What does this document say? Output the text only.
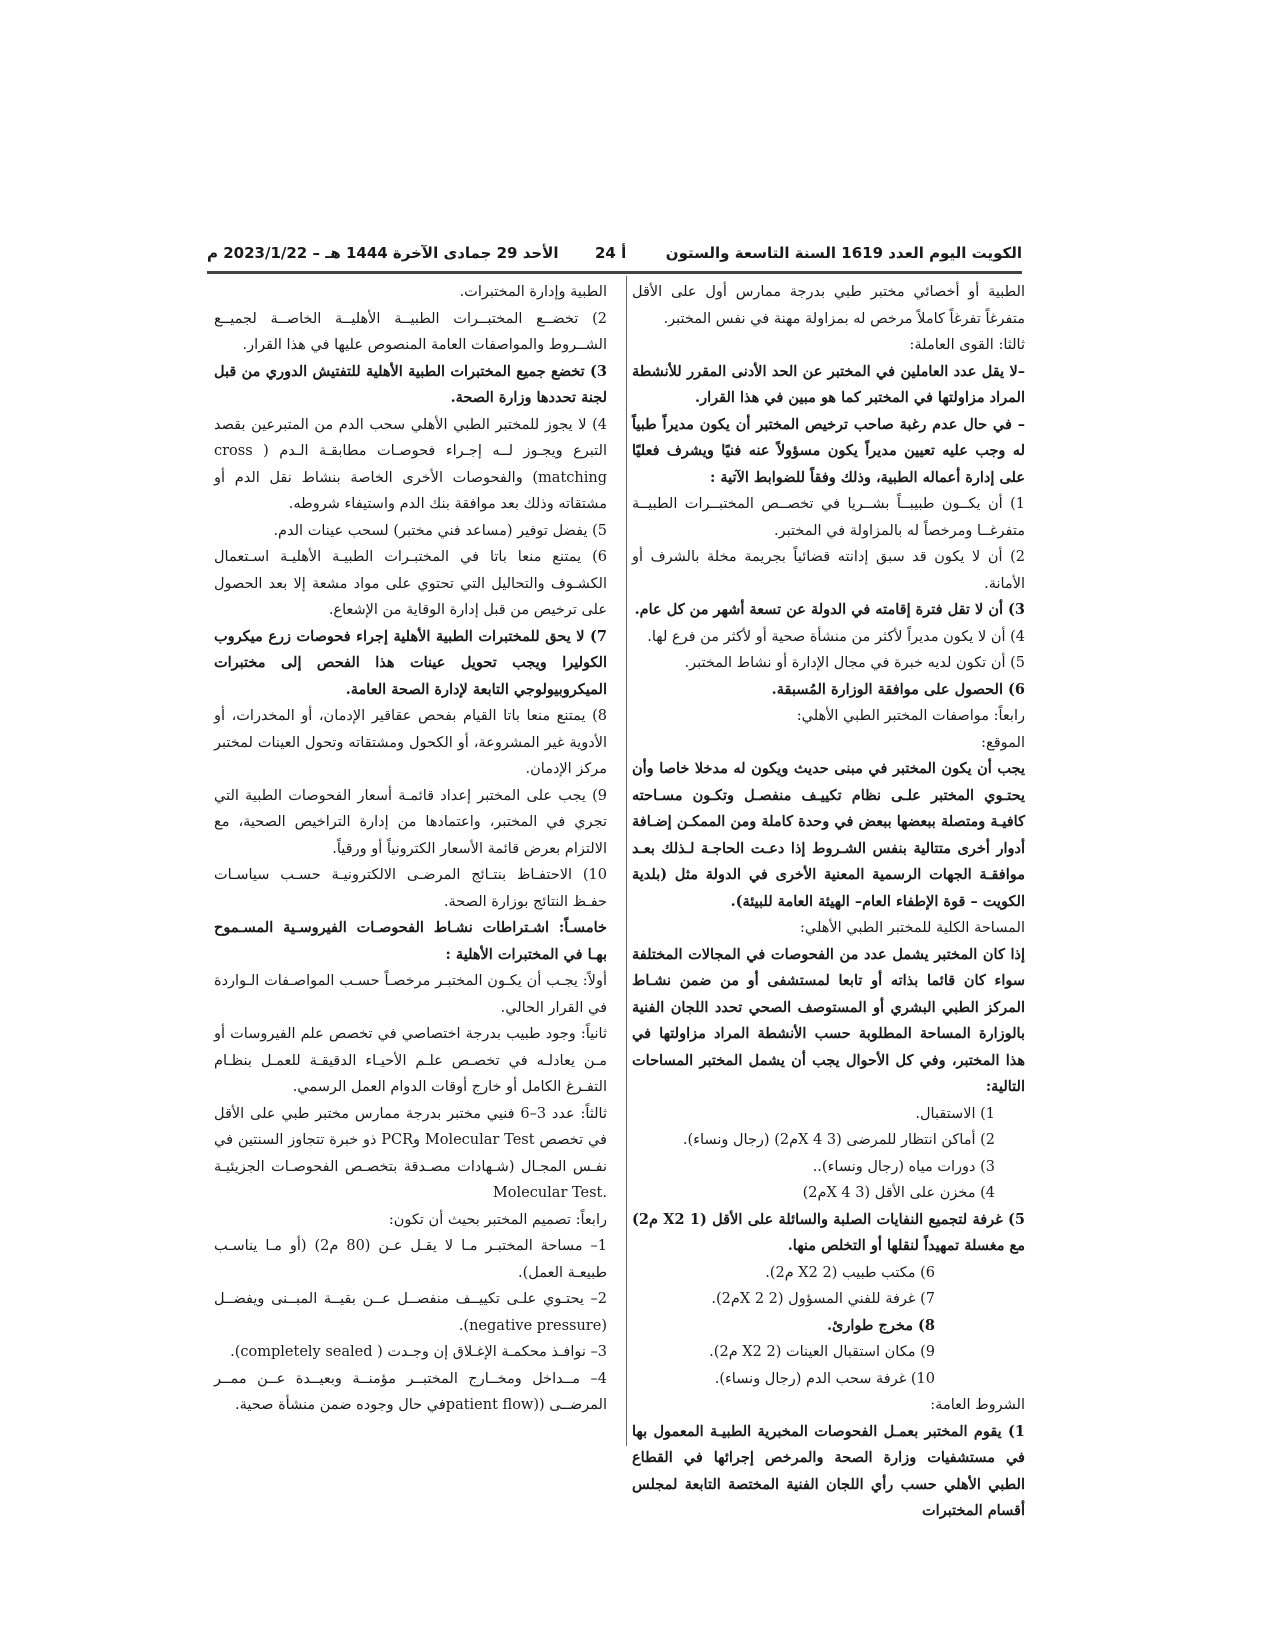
الكويت اليوم العدد 1619 السنة التاسعة والستون
أ 24
الأحد 29 جمادى الآخرة 1444 هـ – 2023/1/22 م

الطبية أو أخصائي مختبر طبي بدرجة ممارس أول على الأقل متفرغاً تفرغاً كاملاً مرخص له بمزاولة مهنة في نفس المختبر.

ثالثا: القوى العاملة:

–لا يقل عدد العاملين في المختبر عن الحد الأدنى المقرر للأنشطة المراد مزاولتها في المختبر كما هو مبين في هذا القرار.

– في حال عدم رغبة صاحب ترخيص المختبر أن يكون مديراً طبياً له وجب عليه تعيين مديراً يكون مسؤولاً عنه فنيًا ويشرف فعليًا على إدارة أعماله الطبية، وذلك وفقاً للضوابط الآتية :

1) أن يكــون طبيبــاً بشــريا في تخصــص المختبــرات الطبيــة متفرغــا ومرخصاً له بالمزاولة في المختبر.

2) أن لا يكون قد سبق إدانته قضائياً بجريمة مخلة بالشرف أو الأمانة.

3) أن لا تقل فترة إقامته في الدولة عن تسعة أشهر من كل عام.

4) أن لا يكون مديراً لأكثر من منشأة صحية أو لأكثر من فرع لها.

5) أن تكون لديه خبرة في مجال الإدارة أو نشاط المختبر.

6) الحصول على موافقة الوزارة المُسبقة.

رابعاً: مواصفات المختبر الطبي الأهلي:

الموقع:

يجب أن يكون المختبر في مبنى حديث ويكون له مدخلا خاصا وأن يحتـوي المختبر علـى نظام تكييـف منفصـل وتكـون مسـاحته كافيـة ومتصلة ببعضها ببعض في وحدة كاملة ومن الممكـن إضـافة أدوار أخرى متتالية بنفس الشـروط إذا دعـت الحاجـة لـذلك بعـد موافقـة الجهات الرسمية المعنية الأخرى في الدولة مثل (بلدية الكويت – قوة الإطفاء العام– الهيئة العامة للبيئة).

المساحة الكلية للمختبر الطبي الأهلي:

إذا كان المختبر يشمل عدد من الفحوصات في المجالات المختلفة سواء كان قائما بذاته أو تابعا لمستشفى أو من ضمن نشـاط المركز الطبي البشري أو المستوصف الصحي تحدد اللجان الفنية بالوزارة المساحة المطلوبة حسب الأنشطة المراد مزاولتها في هذا المختبر، وفي كل الأحوال يجب أن يشمل المختبر المساحات التالية:

1) الاستقبال.

2) أماكن انتظار للمرضى (3 X 4م2) (رجال ونساء).

3) دورات مياه (رجال ونساء)..

4) مخزن على الأقل (3 X 4م2)

5) غرفة لتجميع النفايات الصلبة والسائلة على الأقل (1 X2 م2) مع مغسلة تمهيداً لنقلها أو التخلص منها.

6) مكتب طبيب (2 X2 م2).

7) غرفة للفني المسؤول (2 X 2م2).

8) مخرج طوارئ.

9) مكان استقبال العينات (2 X2 م2).

10) غرفة سحب الدم (رجال ونساء).

الشروط العامة:

1) يقوم المختبر بعمـل الفحوصات المخبرية الطبيـة المعمول بها في مستشفيات وزارة الصحة والمرخص إجرائها في القطاع الطبي الأهلي حسب رأي اللجان الفنية المختصة التابعة لمجلس أقسام المختبرات

الطبية وإدارة المختبرات.

2) تخضــع المختبــرات الطبيــة الأهليــة الخاصــة لجميــع الشــروط والمواصفات العامة المنصوص عليها في هذا القرار.

3) تخضع جميع المختبرات الطبية الأهلية للتفتيش الدوري من قبل لجنة تحددها وزارة الصحة.

4) لا يجوز للمختبر الطبي الأهلي سحب الدم من المتبرعين بقصد التبرع ويجـوز لــه إجـراء فحوصـات مطابقـة الـدم ( cross matching) والفحوصات الأخرى الخاصة بنشاط نقل الدم أو مشتقاته وذلك بعد موافقة بنك الدم واستيفاء شروطه.

5) يفضل توفير (مساعد فني مختبر) لسحب عينات الدم.

6) يمتنع منعا باتا في المختبـرات الطبيـة الأهليـة اسـتعمال الكشـوف والتحاليل التي تحتوي على مواد مشعة إلا بعد الحصول على ترخيص من قبل إدارة الوقاية من الإشعاع.

7) لا يحق للمختبرات الطبية الأهلية إجراء فحوصات زرع ميكروب الكوليرا ويجب تحويل عينات هذا الفحص إلى مختبرات الميكروبيولوجي التابعة لإدارة الصحة العامة.

8) يمتنع منعا باتا القيام بفحص عقاقير الإدمان، أو المخدرات، أو الأدوية غير المشروعة، أو الكحول ومشتقاته وتحول العينات لمختبر مركز الإدمان.

9) يجب على المختبر إعداد قائمـة أسعار الفحوصات الطبية التي تجري في المختبر، واعتمادها من إدارة التراخيص الصحية، مع الالتزام بعرض قائمة الأسعار الكترونياً أو ورقياً.

10) الاحتفـاظ بنتـائج المرضـى الالكترونيـة حسـب سياسـات حفـظ النتائج بوزارة الصحة.

خامسـاً: اشـتراطات نشـاط الفحوصـات الفيروسـية المسـموح بهـا في المختبرات الأهلية :

أولاً: يجـب أن يكـون المختبـر مرخصـاً حسـب المواصـفات الـواردة في القرار الحالي.

ثانياً: وجود طبيب بدرجة اختصاصي في تخصص علم الفيروسات أو مـن يعادلـه في تخصـص علـم الأحيـاء الدقيقـة للعمـل بنظـام التفـرغ الكامل أو خارج أوقات الدوام العمل الرسمي.

ثالثاً: عدد 3–6 فنيي مختبر بدرجة ممارس مختبر طبي على الأقل في تخصص Molecular Test وPCR ذو خبرة تتجاوز السنتين في نفـس المجـال (شـهادات مصـدقة بتخصـص الفحوصـات الجزيئيـة .Molecular Test

رابعاً: تصميم المختبر بحيث أن تكون:

1– مساحة المختبـر مـا لا يقـل عـن (80 م2) (أو مـا يناسـب طبيعـة العمل).

2– يحتـوي علـى تكييــف منفصــل عــن بقيــة المبــنى ويفضــل (negative pressure).

3– نوافـذ محكمـة الإغـلاق إن وجـدت ( completely sealed).

4– مــداخل ومخــارج المختبــر مؤمنــة وبعيــدة عــن ممــر المرضــى ((patient flowفي حال وجوده ضمن منشأة صحية.
